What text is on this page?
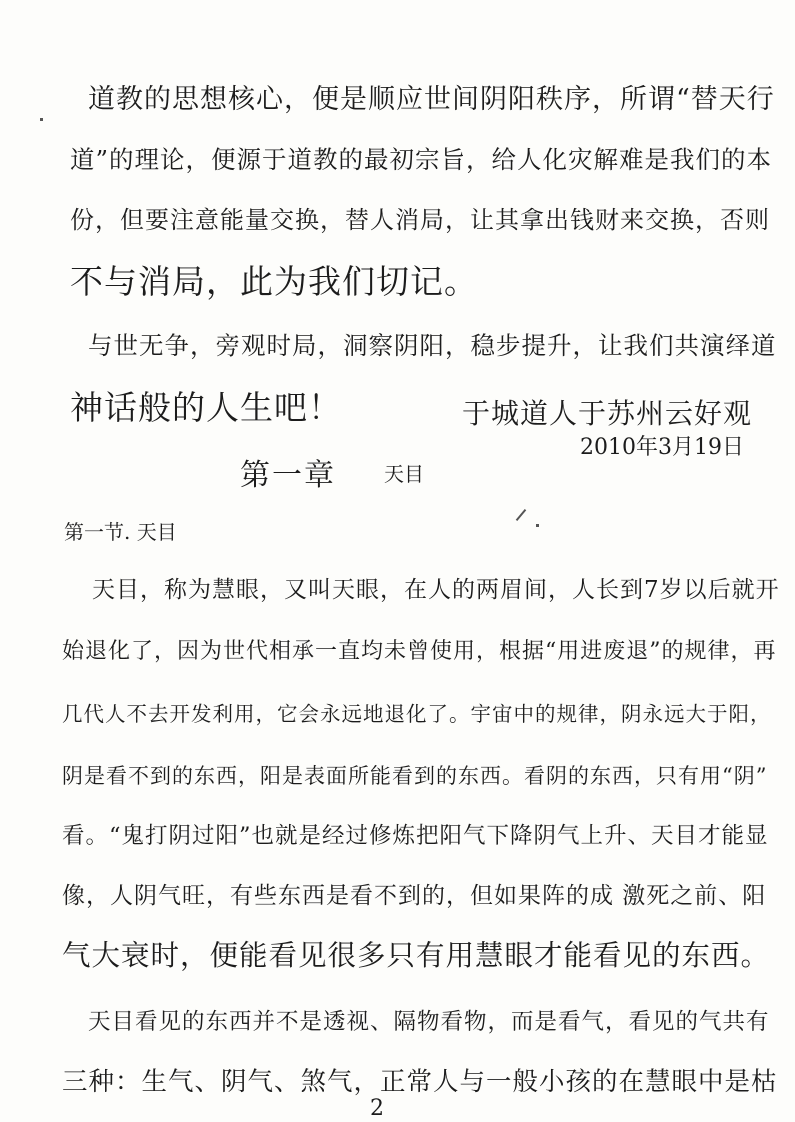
道教的思想核心，便是顺应世间阴阳秩序，所谓“替天行
道”的理论，便源于道教的最初宗旨，给人化灾解难是我们的本
份，但要注意能量交换，替人消局，让其拿出钱财来交换，否则
不与消局，此为我们切记。
与世无争，旁观时局，洞察阴阳，稳步提升，让我们共演绎道
神话般的人生吧！	于城道人于苏州云好观
2010年3月19日
第一章 天目
第一节. 天目
天目，称为慧眼，又叫天眼，在人的两眉间，人长到7岁以后就开
始退化了，因为世代相承一直均未曾使用，根据“用进废退”的规律，再
几代人不去开发利用，它会永远地退化了。宇宙中的规律，阴永远大于阳，
阴是看不到的东西，阳是表面所能看到的东西。看阴的东西，只有用“阴”
看。“鬼打阴过阳”也就是经过修炼把阳气下降阴气上升、天目才能显
像，人阴气旺，有些东西是看不到的，但如果阵的成 激死之前、阳
气大衰时，便能看见很多只有用慧眼才能看见的东西。
天目看见的东西并不是透视、隔物看物，而是看气，看见的气共有
三种：生气、阴气、煞气，正常人与一般小孩的在慧眼中是枯
2
